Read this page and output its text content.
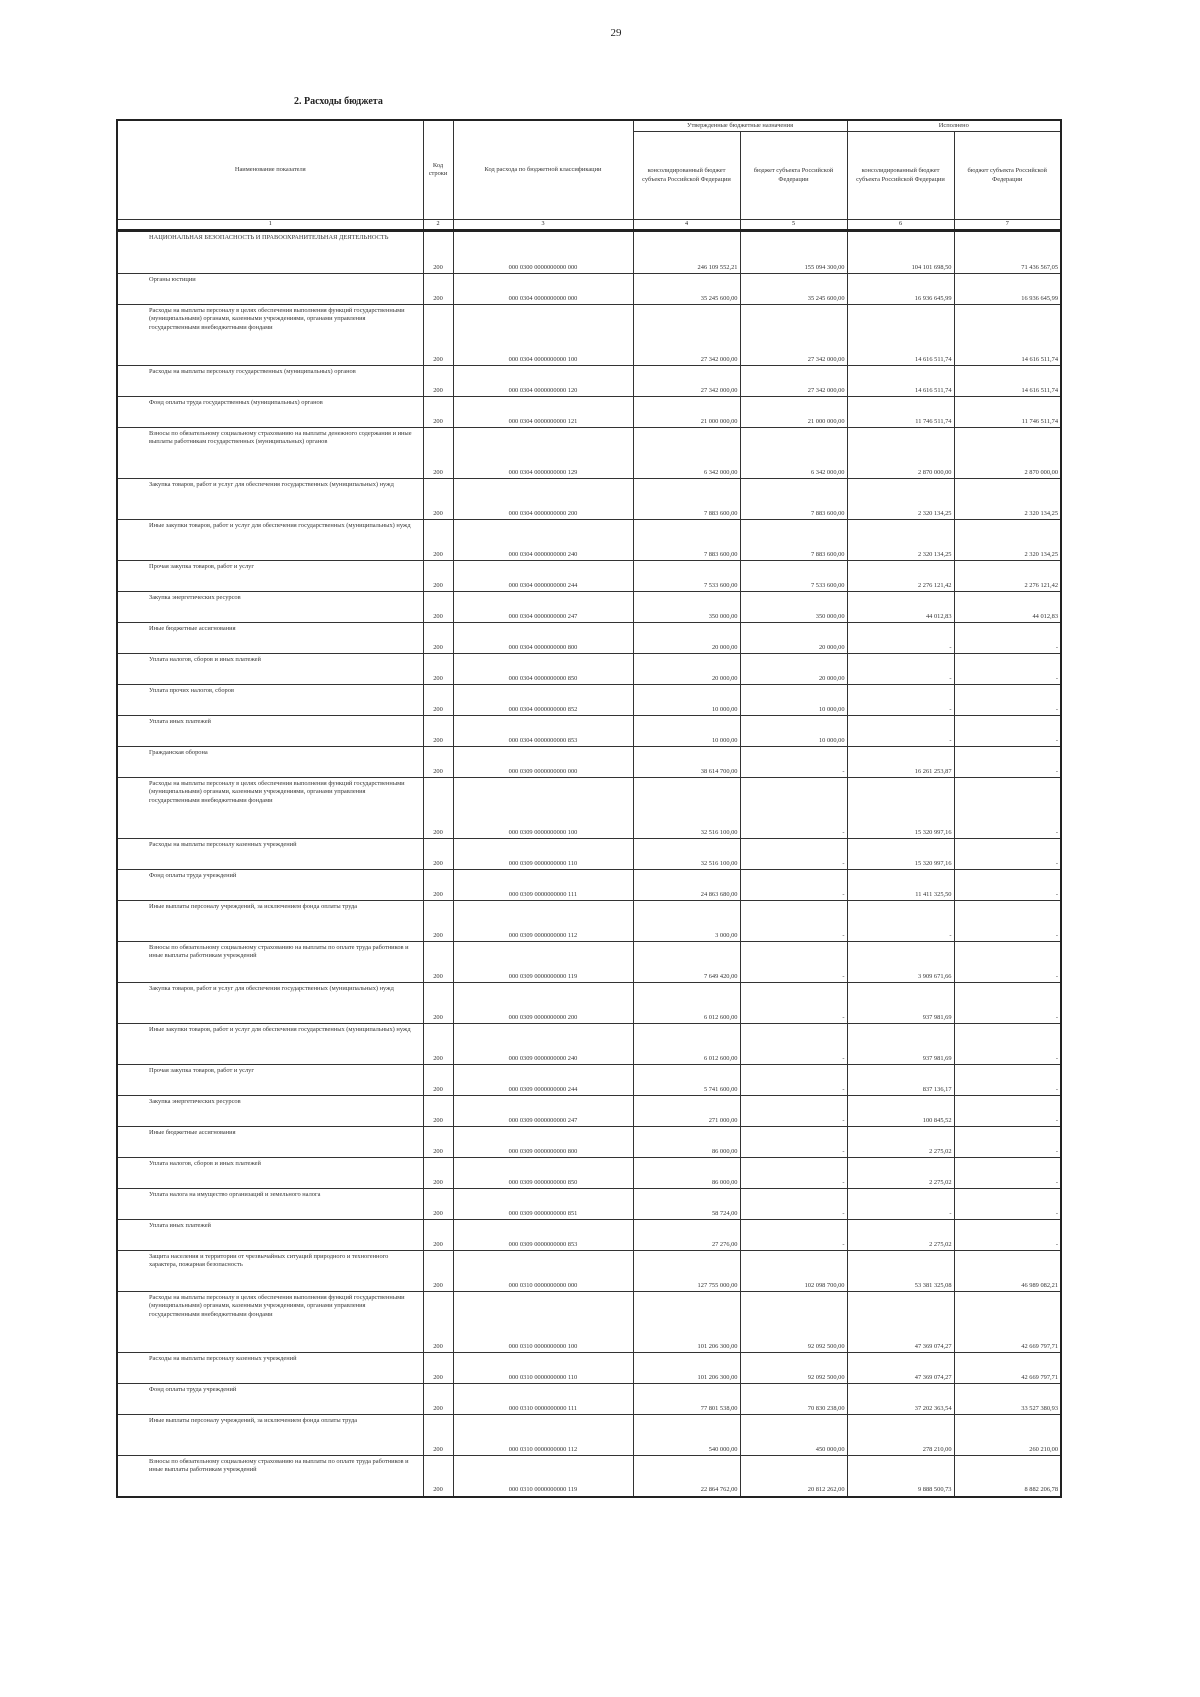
29
2. Расходы бюджета
Наименование показателя	Код строки	Код расхода по бюджетной классификации	Утвержденные бюджетные назначения		Исполнено	
			консолидированный бюджет субъекта Российской Федерации	бюджет субъекта Российской Федерации	консолидированный бюджет субъекта Российской Федерации	бюджет субъекта Российской Федерации
1	2	3	4	5	6	7
НАЦИОНАЛЬНАЯ БЕЗОПАСНОСТЬ И ПРАВООХРАНИТЕЛЬНАЯ ДЕЯТЕЛЬНОСТЬ	200	000 0300 0000000000 000	246 109 552,21	155 094 300,00	104 101 698,50	71 436 567,05
Органы юстиции	200	000 0304 0000000000 000	35 245 600,00	35 245 600,00	16 936 645,99	16 936 645,99
Расходы на выплаты персоналу в целях обеспечения выполнения функций государственными (муниципальными) органами, казенными учреждениями, органами управления государственными внебюджетными фондами	200	000 0304 0000000000 100	27 342 000,00	27 342 000,00	14 616 511,74	14 616 511,74
Расходы на выплаты персоналу государственных (муниципальных) органов	200	000 0304 0000000000 120	27 342 000,00	27 342 000,00	14 616 511,74	14 616 511,74
Фонд оплаты труда государственных (муниципальных) органов	200	000 0304 0000000000 121	21 000 000,00	21 000 000,00	11 746 511,74	11 746 511,74
Взносы по обязательному социальному страхованию на выплаты денежного содержания и иные выплаты работникам государственных (муниципальных) органов	200	000 0304 0000000000 129	6 342 000,00	6 342 000,00	2 870 000,00	2 870 000,00
Закупка товаров, работ и услуг для обеспечения государственных (муниципальных) нужд	200	000 0304 0000000000 200	7 883 600,00	7 883 600,00	2 320 134,25	2 320 134,25
Иные закупки товаров, работ и услуг для обеспечения государственных (муниципальных) нужд	200	000 0304 0000000000 240	7 883 600,00	7 883 600,00	2 320 134,25	2 320 134,25
Прочая закупка товаров, работ и услуг	200	000 0304 0000000000 244	7 533 600,00	7 533 600,00	2 276 121,42	2 276 121,42
Закупка энергетических ресурсов	200	000 0304 0000000000 247	350 000,00	350 000,00	44 012,83	44 012,83
Иные бюджетные ассигнования	200	000 0304 0000000000 800	20 000,00	20 000,00	-	-
Уплата налогов, сборов и иных платежей	200	000 0304 0000000000 850	20 000,00	20 000,00	-	-
Уплата прочих налогов, сборов	200	000 0304 0000000000 852	10 000,00	10 000,00	-	-
Уплата иных платежей	200	000 0304 0000000000 853	10 000,00	10 000,00	-	-
Гражданская оборона	200	000 0309 0000000000 000	38 614 700,00	-	16 261 253,87	-
Расходы на выплаты персоналу в целях обеспечения выполнения функций государственными (муниципальными) органами, казенными учреждениями, органами управления государственными внебюджетными фондами	200	000 0309 0000000000 100	32 516 100,00	-	15 320 997,16	-
Расходы на выплаты персоналу казенных учреждений	200	000 0309 0000000000 110	32 516 100,00	-	15 320 997,16	-
Фонд оплаты труда учреждений	200	000 0309 0000000000 111	24 863 680,00	-	11 411 325,50	-
Иные выплаты персоналу учреждений, за исключением фонда оплаты труда	200	000 0309 0000000000 112	3 000,00	-	-	-
Взносы по обязательному социальному страхованию на выплаты по оплате труда работников и иные выплаты работникам учреждений	200	000 0309 0000000000 119	7 649 420,00	-	3 909 671,66	-
Закупка товаров, работ и услуг для обеспечения государственных (муниципальных) нужд	200	000 0309 0000000000 200	6 012 600,00	-	937 981,69	-
Иные закупки товаров, работ и услуг для обеспечения государственных (муниципальных) нужд	200	000 0309 0000000000 240	6 012 600,00	-	937 981,69	-
Прочая закупка товаров, работ и услуг	200	000 0309 0000000000 244	5 741 600,00	-	837 136,17	-
Закупка энергетических ресурсов	200	000 0309 0000000000 247	271 000,00	-	100 845,52	-
Иные бюджетные ассигнования	200	000 0309 0000000000 800	86 000,00	-	2 275,02	-
Уплата налогов, сборов и иных платежей	200	000 0309 0000000000 850	86 000,00	-	2 275,02	-
Уплата налога на имущество организаций и земельного налога	200	000 0309 0000000000 851	58 724,00	-	-	-
Уплата иных платежей	200	000 0309 0000000000 853	27 276,00	-	2 275,02	-
Защита населения и территории от чрезвычайных ситуаций природного и техногенного характера, пожарная безопасность	200	000 0310 0000000000 000	127 755 000,00	102 098 700,00	53 381 325,08	46 989 082,21
Расходы на выплаты персоналу в целях обеспечения выполнения функций государственными (муниципальными) органами, казенными учреждениями, органами управления государственными внебюджетными фондами	200	000 0310 0000000000 100	101 206 300,00	92 092 500,00	47 369 074,27	42 669 797,71
Расходы на выплаты персоналу казенных учреждений	200	000 0310 0000000000 110	101 206 300,00	92 092 500,00	47 369 074,27	42 669 797,71
Фонд оплаты труда учреждений	200	000 0310 0000000000 111	77 801 538,00	70 830 238,00	37 202 363,54	33 527 380,93
Иные выплаты персоналу учреждений, за исключением фонда оплаты труда	200	000 0310 0000000000 112	540 000,00	450 000,00	278 210,00	260 210,00
Взносы по обязательному социальному страхованию на выплаты по оплате труда работников и иные выплаты работникам учреждений	200	000 0310 0000000000 119	22 864 762,00	20 812 262,00	9 888 500,73	8 882 206,78
